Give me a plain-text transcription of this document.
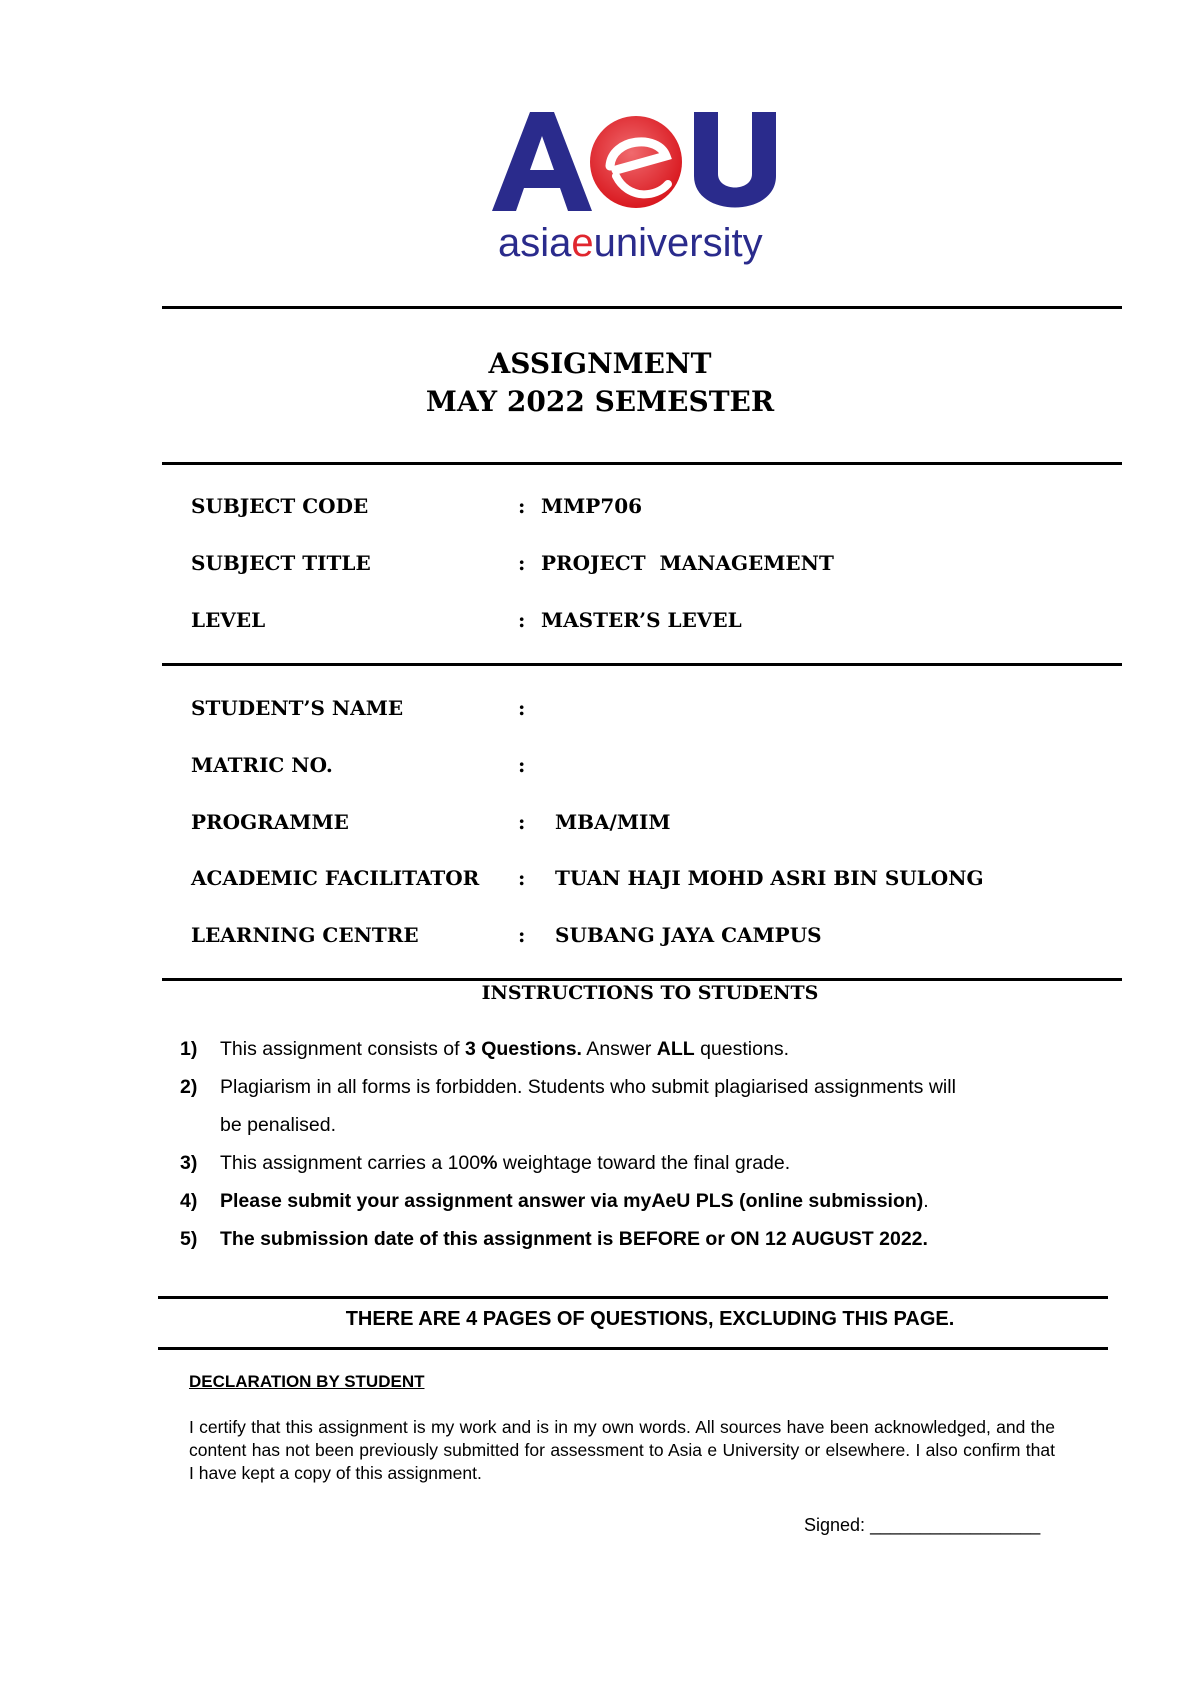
asiaeuniversity
ASSIGNMENT
MAY 2022 SEMESTER
SUBJECT CODE	: MMP706
SUBJECT TITLE	: PROJECT  MANAGEMENT
LEVEL	: MASTER’S LEVEL
STUDENT’S NAME	:
MATRIC NO.	:
PROGRAMME	: MBA/MIM
ACADEMIC FACILITATOR : TUAN HAJI MOHD ASRI BIN SULONG
LEARNING CENTRE	: SUBANG JAYA CAMPUS
INSTRUCTIONS TO STUDENTS
1)	This assignment consists of 3 Questions. Answer ALL questions.
2)	Plagiarism in all forms is forbidden. Students who submit plagiarised assignments will
be penalised.
3)	This assignment carries a 100% weightage toward the final grade.
4)	Please submit your assignment answer via myAeU PLS (online submission).
5)	The submission date of this assignment is BEFORE or ON 12 AUGUST 2022.
THERE ARE 4 PAGES OF QUESTIONS, EXCLUDING THIS PAGE.
DECLARATION BY STUDENT
I certify that this assignment is my work and is in my own words. All sources have been acknowledged, and the content has not been previously submitted for assessment to Asia e University or elsewhere. I also confirm that I have kept a copy of this assignment.
Signed: _________________
